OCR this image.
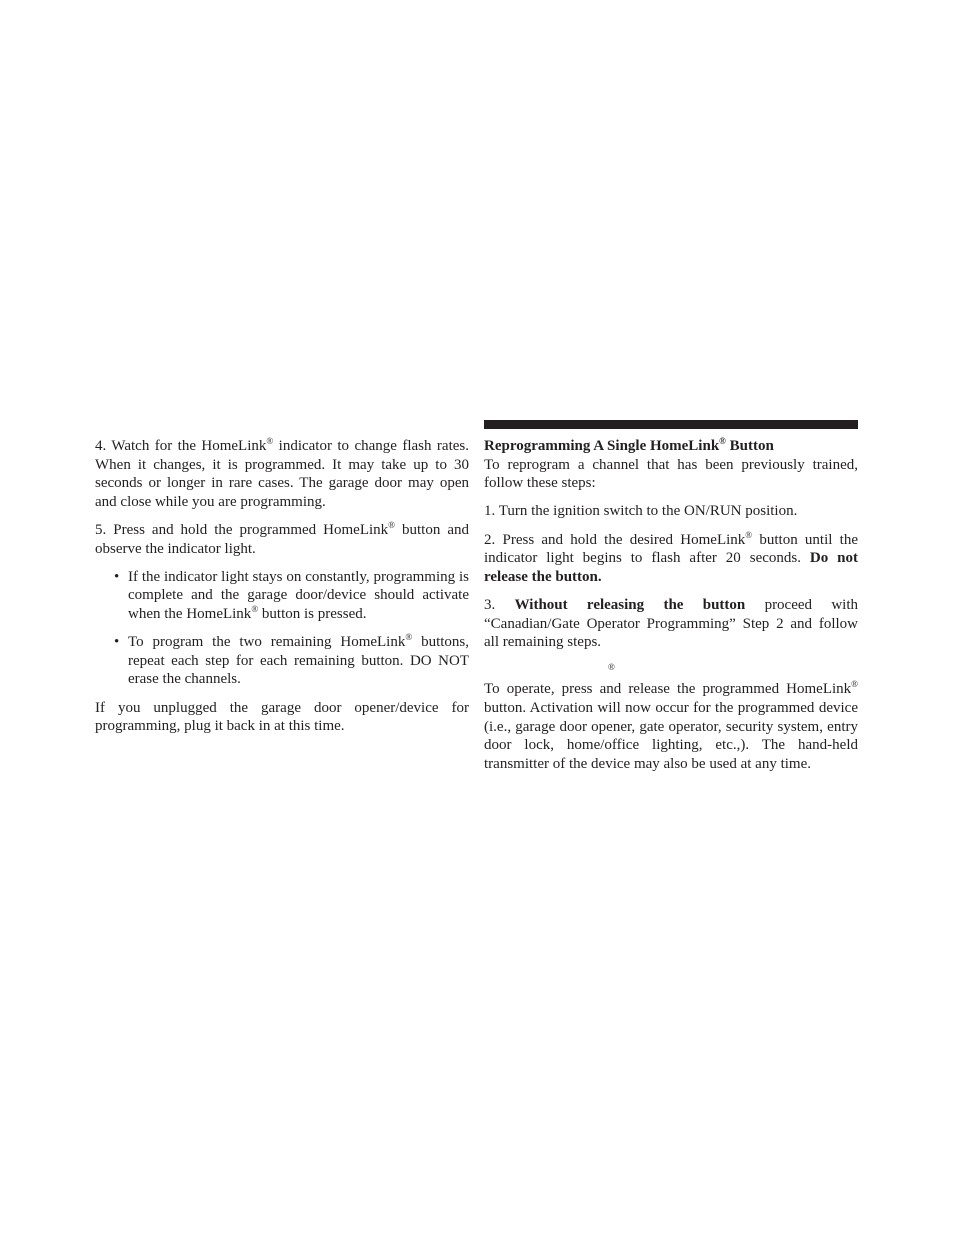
4. Watch for the HomeLink® indicator to change flash rates. When it changes, it is programmed. It may take up to 30 seconds or longer in rare cases. The garage door may open and close while you are programming.

5. Press and hold the programmed HomeLink® button and observe the indicator light.

• If the indicator light stays on constantly, programming is complete and the garage door/device should activate when the HomeLink® button is pressed.
• To program the two remaining HomeLink® buttons, repeat each step for each remaining button. DO NOT erase the channels.

If you unplugged the garage door opener/device for programming, plug it back in at this time.

Reprogramming A Single HomeLink® Button

To reprogram a channel that has been previously trained, follow these steps:

1. Turn the ignition switch to the ON/RUN position.

2. Press and hold the desired HomeLink® button until the indicator light begins to flash after 20 seconds. Do not release the button.

3. Without releasing the button proceed with “Canadian/Gate Operator Programming” Step 2 and follow all remaining steps.

®

To operate, press and release the programmed HomeLink® button. Activation will now occur for the programmed device (i.e., garage door opener, gate operator, security system, entry door lock, home/office lighting, etc.,). The hand-held transmitter of the device may also be used at any time.
